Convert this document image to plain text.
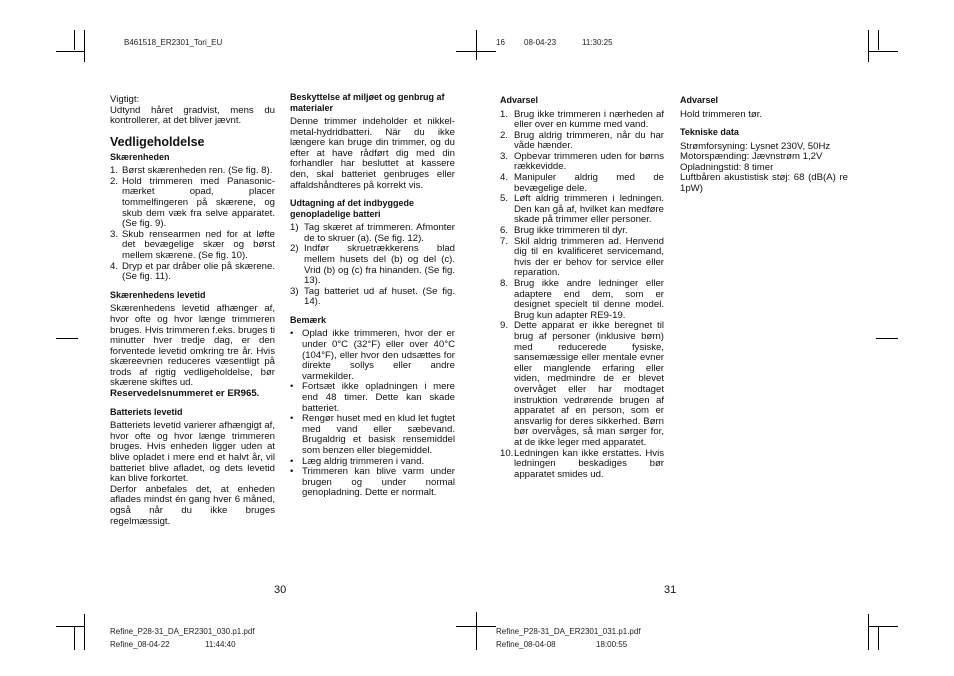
B461518_ER2301_Tori_EU	16 08-04-23	11:30:25

Vigtigt:

Udtynd håret gradvist, mens du kontrollerer, at det bliver jævnt.

Vedligeholdelse

Skærenheden

1. Børst skærenheden ren. (Se fig. 8).
2. Hold trimmeren med Panasonic-mærket opad, placer tommelfingeren på skærene, og skub dem væk fra selve apparatet. (Se fig. 9).
3. Skub rensearmen ned for at løfte det bevægelige skær og børst mellem skærene. (Se fig. 10).
4. Dryp et par dråber olie på skærene. (Se fig. 11).

Skærenhedens levetid

Skærenhedens levetid afhænger af, hvor ofte og hvor længe trimmeren bruges. Hvis trimmeren f.eks. bruges ti minutter hver tredje dag, er den forventede levetid omkring tre år. Hvis skæreevnen reduceres væsentligt på trods af rigtig vedligeholdelse, bør skærene skiftes ud.

Reservedelsnummeret er ER965.

Batteriets levetid

Batteriets levetid varierer afhængigt af, hvor ofte og hvor længe trimmeren bruges. Hvis enheden ligger uden at blive opladet i mere end et halvt år, vil batteriet blive afladet, og dets levetid kan blive forkortet.

Derfor anbefales det, at enheden aflades mindst én gang hver 6 måned, også når du ikke bruges regelmæssigt.

Beskyttelse af miljøet og genbrug af materialer

Denne trimmer indeholder et nikkel-metal-hydridbatteri. När du ikke længere kan bruge din trimmer, og du efter at have rådført dig med din forhandler har besluttet at kassere den, skal batteriet genbruges eller affaldshåndteres på korrekt vis.

Udtagning af det indbyggede genopladelige batteri

1) Tag skæret af trimmeren. Afmonter de to skruer (a). (Se fig. 12).
2) Indfør skruetrækkerens blad mellem husets del (b) og del (c). Vrid (b) og (c) fra hinanden. (Se fig. 13).
3) Tag batteriet ud af huset. (Se fig. 14).

Bemærk

• Oplad ikke trimmeren, hvor der er under 0°C (32°F) eller over 40°C (104°F), eller hvor den udsættes for direkte sollys eller andre varmekilder.
• Fortsæt ikke opladningen i mere end 48 timer. Dette kan skade batteriet.
• Rengør huset med en klud let fugtet med vand eller sæbevand. Brugaldrig et basisk rensemiddel som benzen eller blegemiddel.
• Læg aldrig trimmeren i vand.
• Trimmeren kan blive varm under brugen og under normal genopladning. Dette er normalt.

Advarsel

1. Brug ikke trimmeren i nærheden af eller over en kumme med vand.
2. Brug aldrig trimmeren, når du har våde hænder.
3. Opbevar trimmeren uden for børns rækkevidde.
4. Manipuler aldrig med de bevægelige dele.
5. Løft aldrig trimmeren i ledningen. Den kan gå af, hvilket kan medføre skade på trimmer eller personer.
6. Brug ikke trimmeren til dyr.
7. Skil aldrig trimmeren ad. Henvend dig til en kvalificeret servicemand, hvis der er behov for service eller reparation.
8. Brug ikke andre ledninger eller adaptere end dem, som er designet specielt til denne model. Brug kun adapter RE9-19.
9. Dette apparat er ikke beregnet til brug af personer (inklusive børn) med reducerede fysiske, sansemæssige eller mentale evner eller manglende erfaring eller viden, medmindre de er blevet overvåget eller har modtaget instruktion vedrørende brugen af apparatet af en person, som er ansvarlig for deres sikkerhed. Børn bør overvåges, så man sørger for, at de ikke leger med apparatet.
10. Ledningen kan ikke erstattes. Hvis ledningen beskadiges bør apparatet smides ud.

Advarsel

Hold trimmeren tør.

Tekniske data

Strømforsyning: Lysnet 230V, 50Hz

Motorspænding: Jævnstrøm 1,2V

Opladningstid: 8 timer

Luftbåren akustistisk støj: 68 (dB(A) re 1pW)

30	31
Refine_P28-31_DA_ER2301_030.p1.pdf
Refine_08-04-22	11:44:40
Refine_P28-31_DA_ER2301_031.p1.pdf
Refine_08-04-08	18:00:55
